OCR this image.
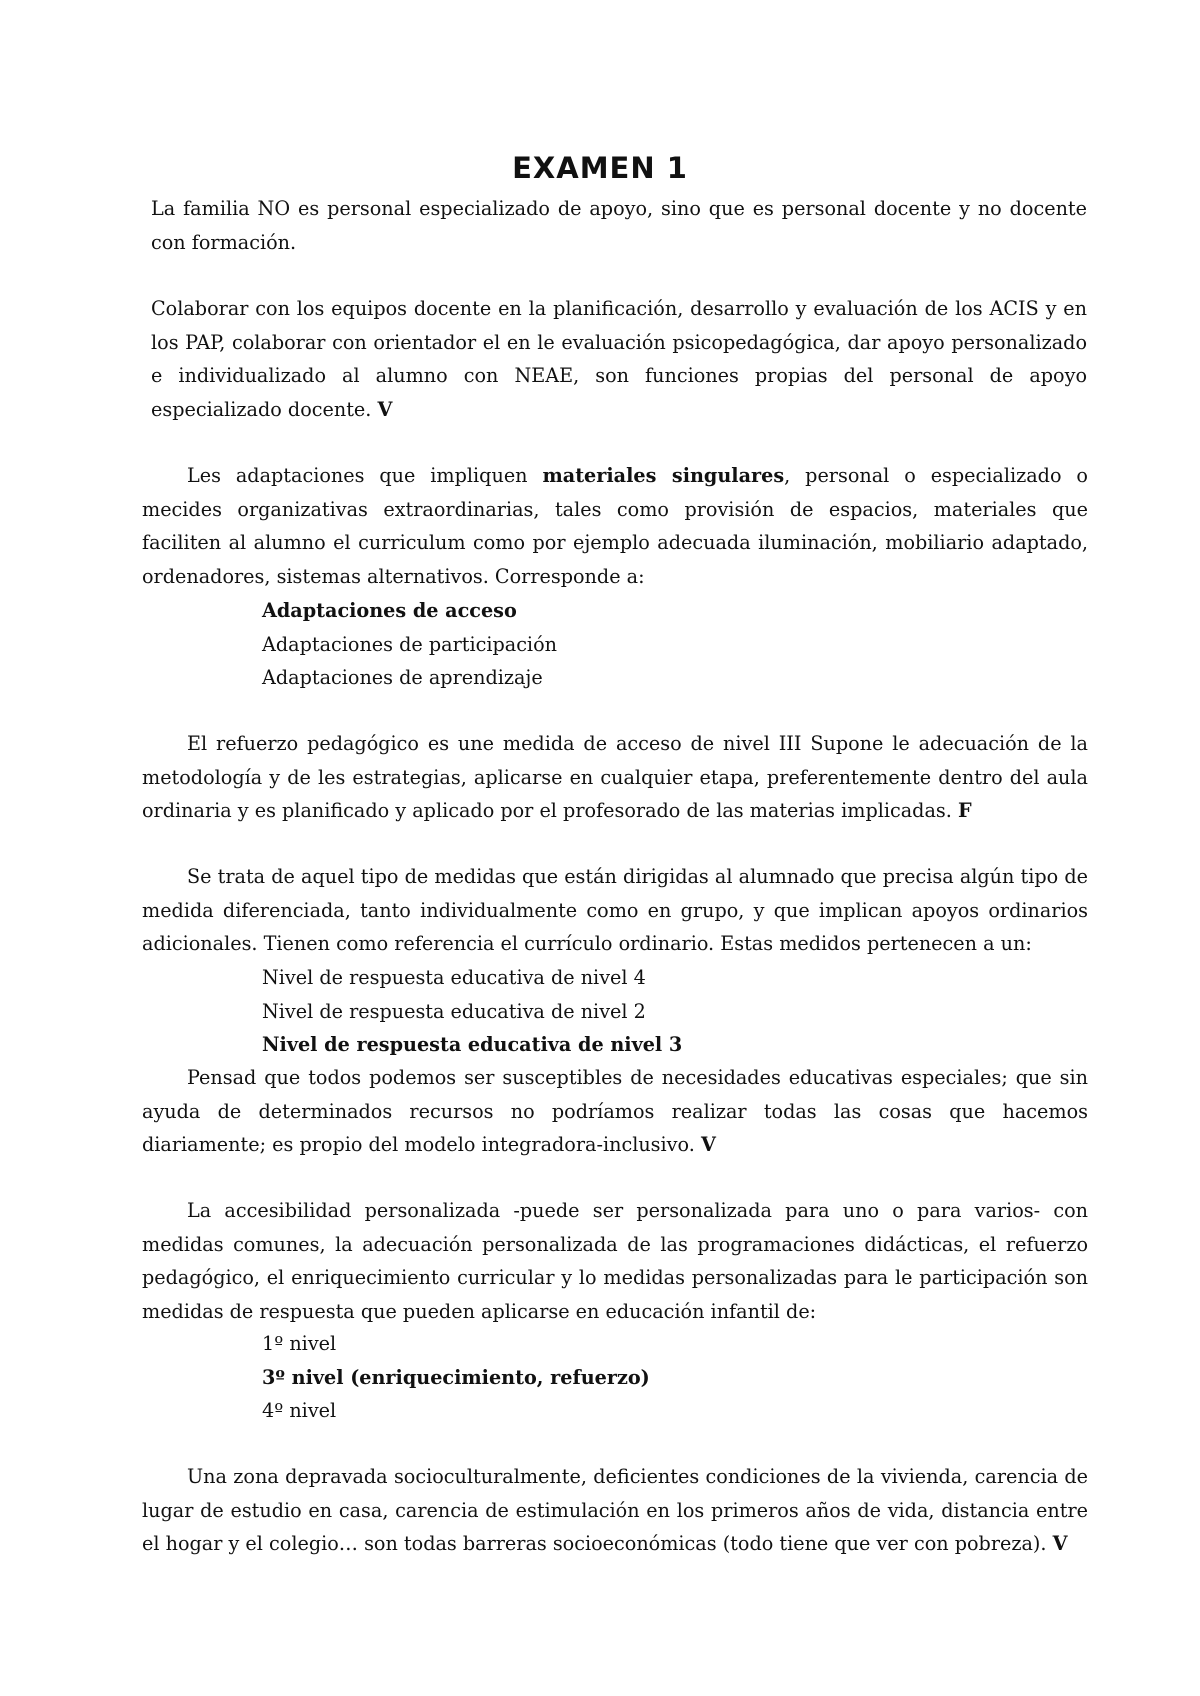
EXAMEN 1

La familia NO es personal especializado de apoyo, sino que es personal docente y no docente con formación.

Colaborar con los equipos docente en la planificación, desarrollo y evaluación de los ACIS y en los PAP, colaborar con orientador el en le evaluación psicopedagógica, dar apoyo personalizado e individualizado al alumno con NEAE, son funciones propias del personal de apoyo especializado docente. V

Les adaptaciones que impliquen materiales singulares, personal o especializado o mecides organizativas extraordinarias, tales como provisión de espacios, materiales que faciliten al alumno el curriculum como por ejemplo adecuada iluminación, mobiliario adaptado, ordenadores, sistemas alternativos. Corresponde a:

Adaptaciones de acceso
Adaptaciones de participación
Adaptaciones de aprendizaje

El refuerzo pedagógico es une medida de acceso de nivel III Supone le adecuación de la metodología y de les estrategias, aplicarse en cualquier etapa, preferentemente dentro del aula ordinaria y es planificado y aplicado por el profesorado de las materias implicadas. F

Se trata de aquel tipo de medidas que están dirigidas al alumnado que precisa algún tipo de medida diferenciada, tanto individualmente como en grupo, y que implican apoyos ordinarios adicionales. Tienen como referencia el currículo ordinario. Estas medidos pertenecen a un:

Nivel de respuesta educativa de nivel 4
Nivel de respuesta educativa de nivel 2
Nivel de respuesta educativa de nivel 3

Pensad que todos podemos ser susceptibles de necesidades educativas especiales; que sin ayuda de determinados recursos no podríamos realizar todas las cosas que hacemos diariamente; es propio del modelo integradora-inclusivo. V

La accesibilidad personalizada -puede ser personalizada para uno o para varios- con medidas comunes, la adecuación personalizada de las programaciones didácticas, el refuerzo pedagógico, el enriquecimiento curricular y lo medidas personalizadas para le participación son medidas de respuesta que pueden aplicarse en educación infantil de:

1º nivel
3º nivel (enriquecimiento, refuerzo)
4º nivel

Una zona depravada socioculturalmente, deficientes condiciones de la vivienda, carencia de lugar de estudio en casa, carencia de estimulación en los primeros años de vida, distancia entre el hogar y el colegio… son todas barreras socioeconómicas (todo tiene que ver con pobreza). V
